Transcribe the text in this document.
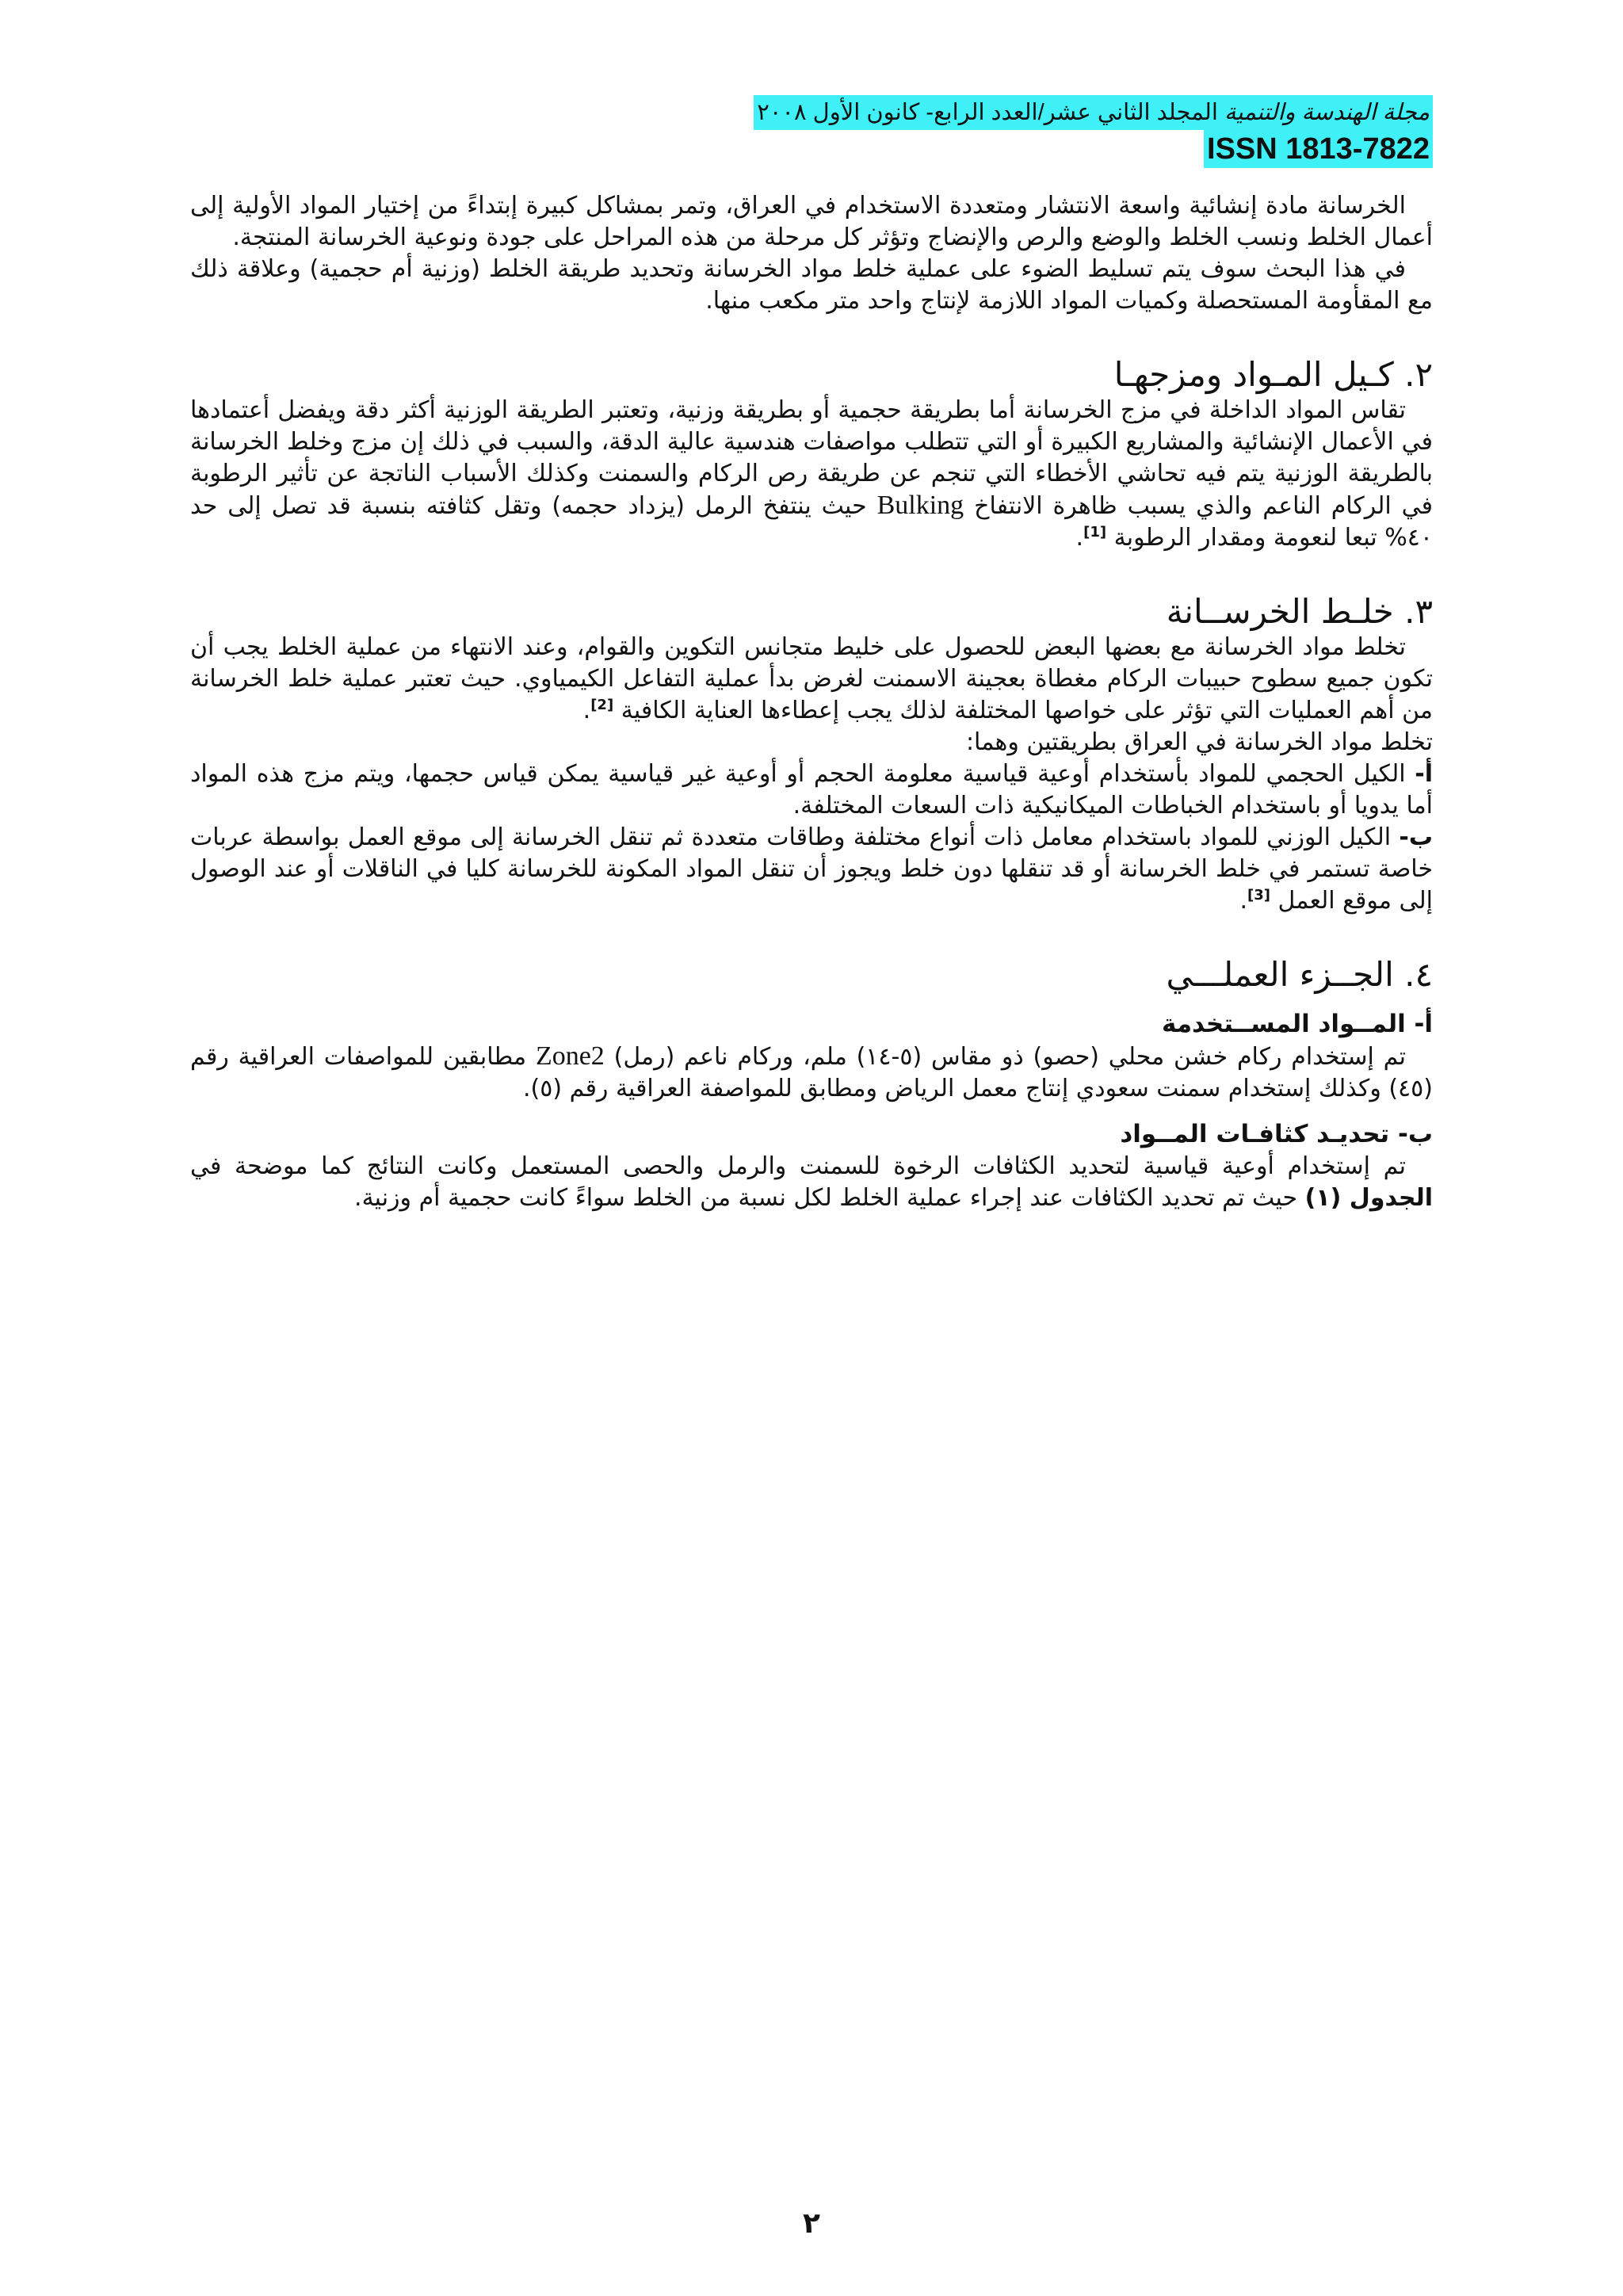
مجلة الهندسة والتنمية المجلد الثاني عشر/العدد الرابع- كانون الأول ٢٠٠٨
ISSN 1813-7822

الخرسانة مادة إنشائية واسعة الانتشار ومتعددة الاستخدام في العراق، وتمر بمشاكل كبيرة إبتداءً من إختيار المواد الأولية إلى أعمال الخلط ونسب الخلط والوضع والرص والإنضاج وتؤثر كل مرحلة من هذه المراحل على جودة ونوعية الخرسانة المنتجة.

في هذا البحث سوف يتم تسليط الضوء على عملية خلط مواد الخرسانة وتحديد طريقة الخلط (وزنية أم حجمية) وعلاقة ذلك مع المقأومة المستحصلة وكميات المواد اللازمة لإنتاج واحد متر مكعب منها.

٢. كـيل المـواد ومزجهـا

تقاس المواد الداخلة في مزج الخرسانة أما بطريقة حجمية أو بطريقة وزنية، وتعتبر الطريقة الوزنية أكثر دقة ويفضل أعتمادها في الأعمال الإنشائية والمشاريع الكبيرة أو التي تتطلب مواصفات هندسية عالية الدقة، والسبب في ذلك إن مزج وخلط الخرسانة بالطريقة الوزنية يتم فيه تحاشي الأخطاء التي تنجم عن طريقة رص الركام والسمنت وكذلك الأسباب الناتجة عن تأثير الرطوبة في الركام الناعم والذي يسبب ظاهرة الانتفاخ Bulking حيث ينتفخ الرمل (يزداد حجمه) وتقل كثافته بنسبة قد تصل إلى حد ٤٠% تبعا لنعومة ومقدار الرطوبة [1].

٣. خلـط الخرســانة

تخلط مواد الخرسانة مع بعضها البعض للحصول على خليط متجانس التكوين والقوام، وعند الانتهاء من عملية الخلط يجب أن تكون جميع سطوح حبيبات الركام مغطاة بعجينة الاسمنت لغرض بدأ عملية التفاعل الكيمياوي. حيث تعتبر عملية خلط الخرسانة من أهم العمليات التي تؤثر على خواصها المختلفة لذلك يجب إعطاءها العناية الكافية [2].

تخلط مواد الخرسانة في العراق بطريقتين وهما:

أ- الكيل الحجمي للمواد بأستخدام أوعية قياسية معلومة الحجم أو أوعية غير قياسية يمكن قياس حجمها، ويتم مزج هذه المواد أما يدويا أو باستخدام الخباطات الميكانيكية ذات السعات المختلفة.

ب- الكيل الوزني للمواد باستخدام معامل ذات أنواع مختلفة وطاقات متعددة ثم تنقل الخرسانة إلى موقع العمل بواسطة عربات خاصة تستمر في خلط الخرسانة أو قد تنقلها دون خلط ويجوز أن تنقل المواد المكونة للخرسانة كليا في الناقلات أو عند الوصول إلى موقع العمل [3].

٤. الجــزء العملـــي

أ- المــواد المســتخدمة

تم إستخدام ركام خشن محلي (حصو) ذو مقاس (٥-١٤) ملم، وركام ناعم (رمل) Zone2 مطابقين للمواصفات العراقية رقم (٤٥) وكذلك إستخدام سمنت سعودي إنتاج معمل الرياض ومطابق للمواصفة العراقية رقم (٥).

ب- تحديـد كثافـات المــواد

تم إستخدام أوعية قياسية لتحديد الكثافات الرخوة للسمنت والرمل والحصى المستعمل وكانت النتائج كما موضحة في الجدول (١) حيث تم تحديد الكثافات عند إجراء عملية الخلط لكل نسبة من الخلط سواءً كانت حجمية أم وزنية.

٢
